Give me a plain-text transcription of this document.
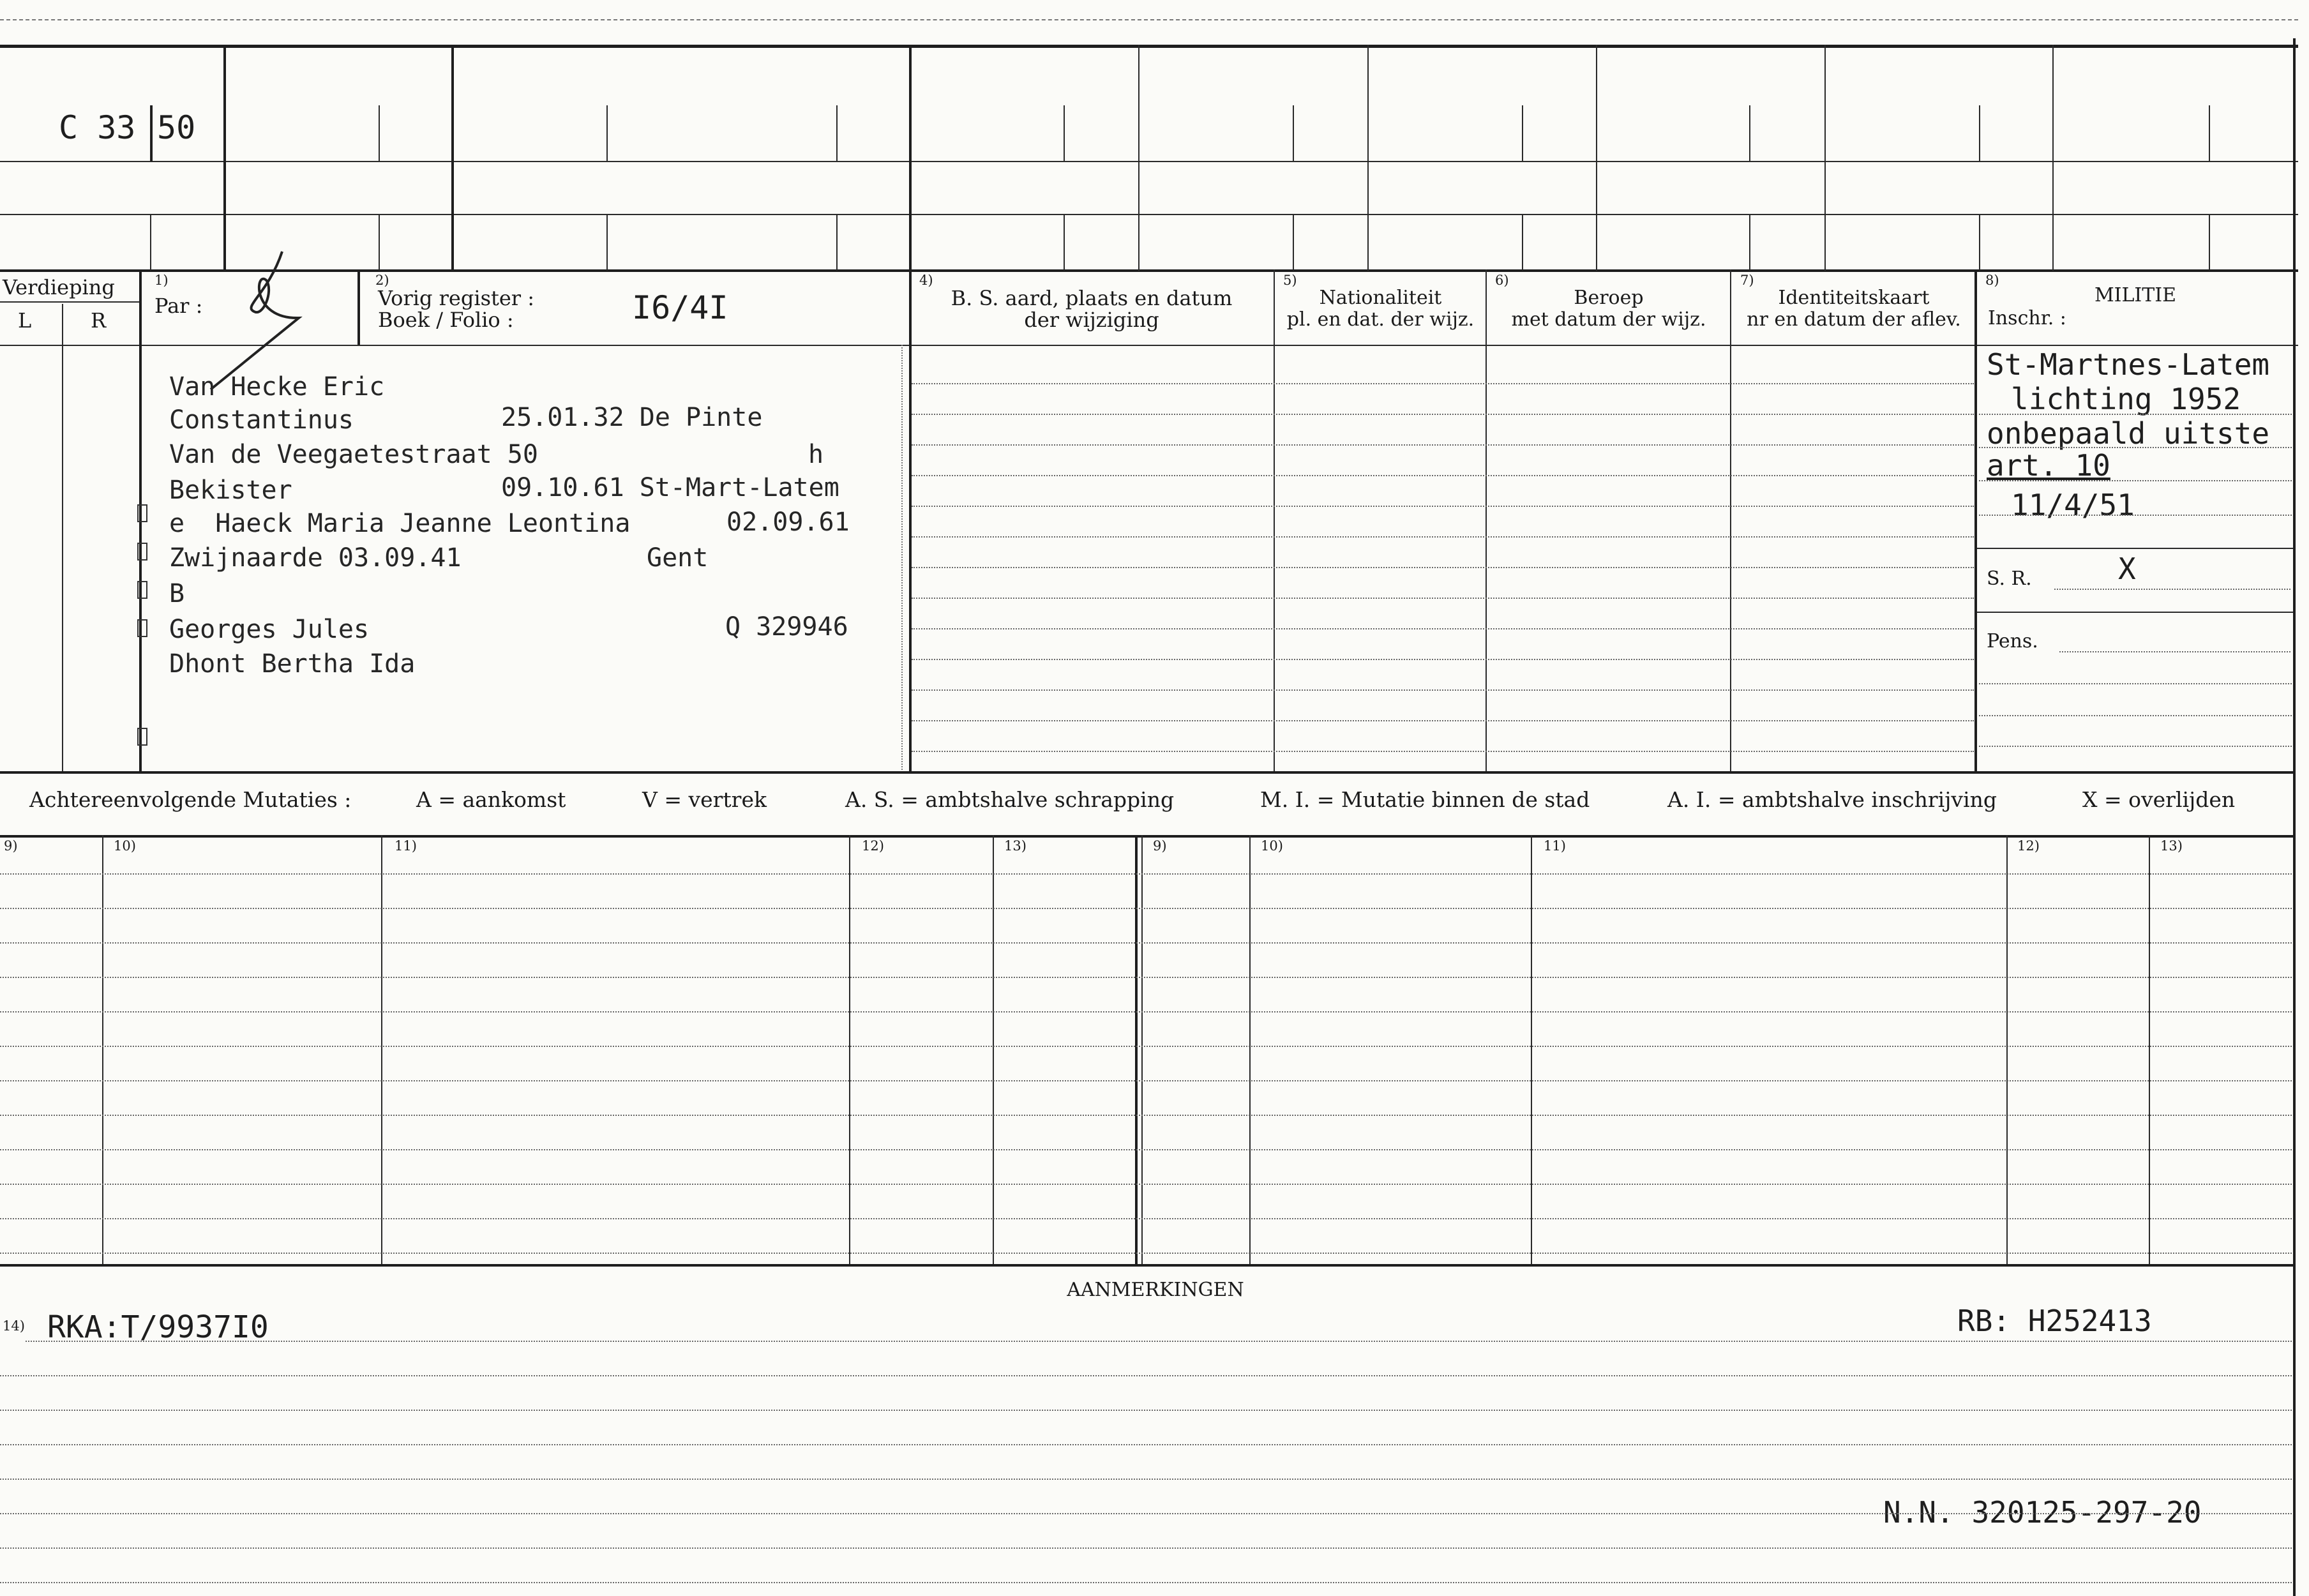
C 33 50
Verdieping
L	R
1)
Par :
2)
Vorig register :
Boek / Folio :	I6/4I
4)
B. S. aard, plaats en datum
der wijziging
5)
Nationaliteit
pl. en dat. der wijz.
6)
Beroep
met datum der wijz.
7)
Identiteitskaart
nr en datum der aflev.
8)
MILITIE
Inschr. :
Van Hecke Eric
Constantinus	25.01.32 De Pinte
Van de Veegaetestraat 50	h
Bekister	09.10.61 St-Mart-Latem
e  Haeck Maria Jeanne Leontina	02.09.61
Zwijnaarde 03.09.41	Gent
B
Georges Jules	Q 329946
Dhont Bertha Ida
St-Martnes-Latem
lichting 1952
onbepaald uitste
art. 10
11/4/51
S. R.	X
Pens.
Achtereenvolgende Mutaties :	A = aankomst	V = vertrek	A. S. = ambtshalve schrapping	M. I. = Mutatie binnen de stad	A. I. = ambtshalve inschrijving	X = overlijden
9)	10)	11)	12)	13)	9)	10)	11)	12)	13)
AANMERKINGEN
14) RKA:T/9937I0	RB: H252413
N.N. 320125-297-20
